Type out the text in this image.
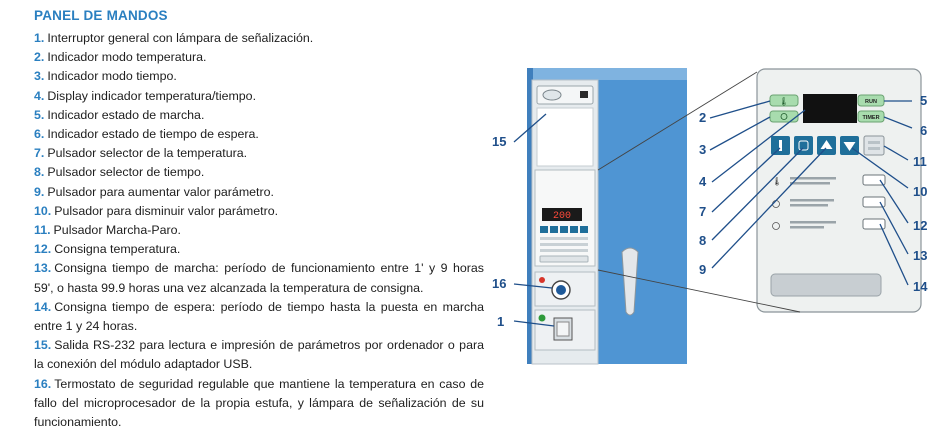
PANEL DE MANDOS
1. Interruptor general con lámpara de señalización.
2. Indicador modo temperatura.
3. Indicador modo tiempo.
4. Display indicador temperatura/tiempo.
5. Indicador estado de marcha.
6. Indicador estado de tiempo de espera.
7. Pulsador selector de la temperatura.
8. Pulsador selector de tiempo.
9. Pulsador para aumentar valor parámetro.
10. Pulsador para disminuir valor parámetro.
11. Pulsador Marcha-Paro.
12. Consigna temperatura.
13. Consigna tiempo de marcha: período de funcionamiento entre 1' y 9 horas 59', o hasta 99.9 horas una vez alcanzada la temperatura de consigna.
14. Consigna tiempo de espera: período de tiempo hasta la puesta en marcha entre 1 y 24 horas.
15. Salida RS-232 para lectura e impresión de parámetros por ordenador o para la conexión del módulo adaptador USB.
16. Termostato de seguridad regulable que mantiene la temperatura en caso de fallo del microprocesador de la propia estufa, y lámpara de señalización de su funcionamiento.
200
🌡	RUN
TIMER
🌡
15
16
1
2
3
4
5
6
7
8
9
10
11
12
13
14
